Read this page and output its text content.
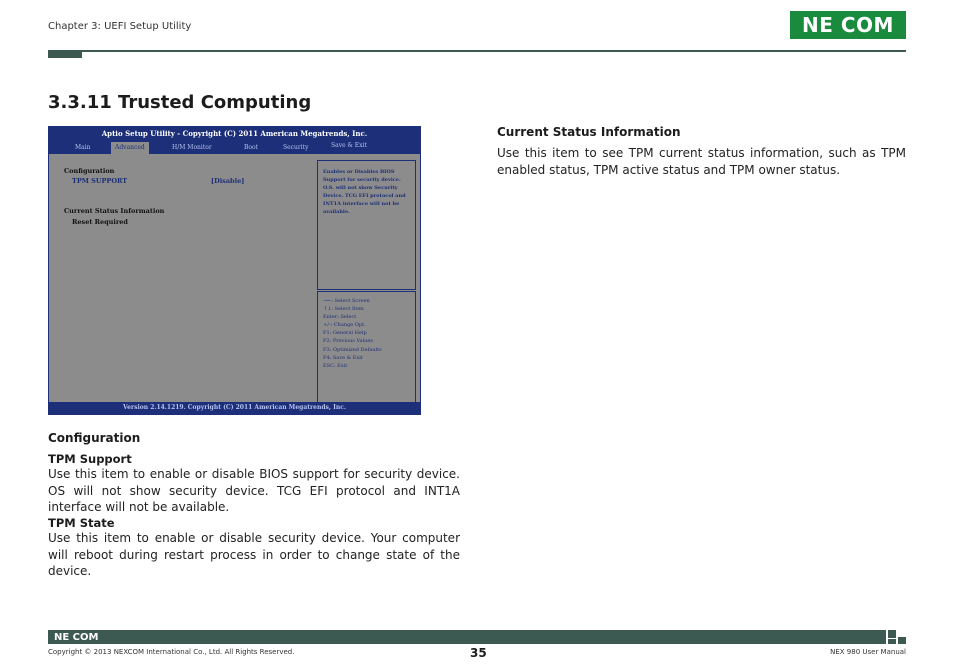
Chapter 3: UEFI Setup Utility	NE COM
3.3.11 Trusted Computing
Aptio Setup Utility - Copyright (C) 2011 American Megatrends, Inc.
Main	Advanced	H/M Monitor	Boot	Security	Save & Exit
Configuration
TPM SUPPORT	[Disable]
Current Status Information
Reset Required
Enables or Disables BIOS Support for security device. O.S. will not show Security Device. TCG EFI protocol and INT1A interface will not be available.
→←: Select Screen
↑↓: Select Item
Enter: Select
+/-: Change Opt.
F1: General Help
F2: Previous Values
F3: Optimized Defaults
F4: Save & Exit
ESC: Exit
Version 2.14.1219. Copyright (C) 2011 American Megatrends, Inc.
Current Status Information
Use this item to see TPM current status information, such as TPM enabled status, TPM active status and TPM owner status.
Configuration
TPM Support
Use this item to enable or disable BIOS support for security device. OS will not show security device. TCG EFI protocol and INT1A interface will not be available.
TPM State
Use this item to enable or disable security device. Your computer will reboot during restart process in order to change state of the device.
NE COM
Copyright © 2013 NEXCOM International Co., Ltd. All Rights Reserved.	35	NEX 980 User Manual
